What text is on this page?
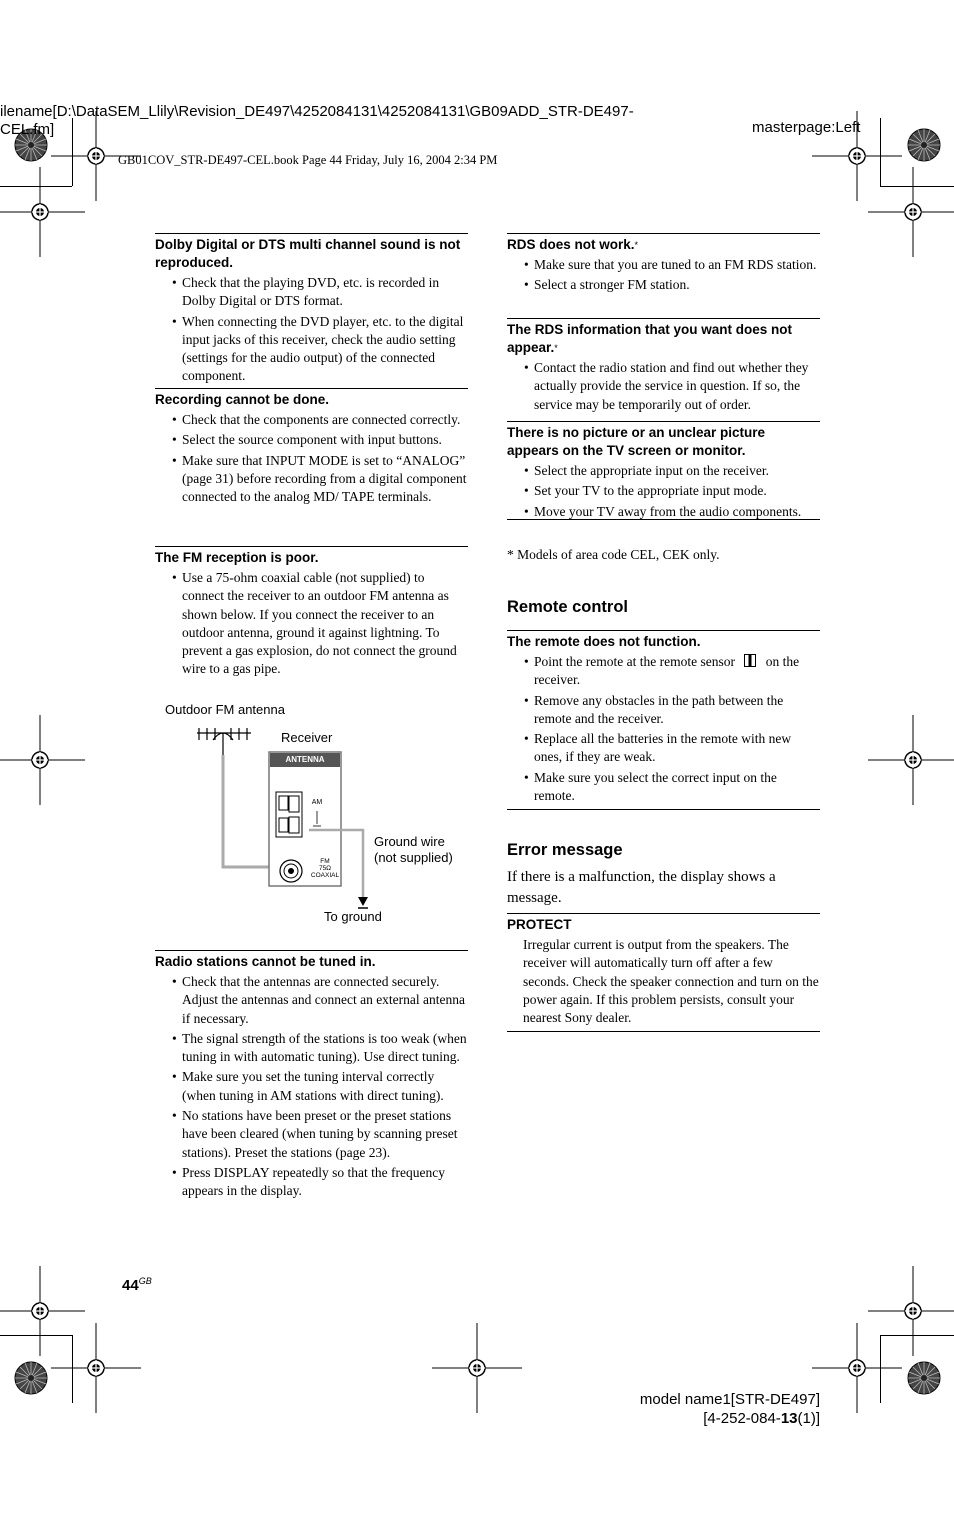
ilename[D:\DataSEM_Llily\Revision_DE497\4252084131\4252084131\GB09ADD_STR-DE497-CEL.fm]	masterpage:Left
GB01COV_STR-DE497-CEL.book Page 44 Friday, July 16, 2004 2:34 PM
Dolby Digital or DTS multi channel sound is not reproduced.
• Check that the playing DVD, etc. is recorded in Dolby Digital or DTS format.
• When connecting the DVD player, etc. to the digital input jacks of this receiver, check the audio setting (settings for the audio output) of the connected component.
Recording cannot be done.
• Check that the components are connected correctly.
• Select the source component with input buttons.
• Make sure that INPUT MODE is set to “ANALOG” (page 31) before recording from a digital component connected to the analog MD/ TAPE terminals.
The FM reception is poor.
• Use a 75-ohm coaxial cable (not supplied) to connect the receiver to an outdoor FM antenna as shown below. If you connect the receiver to an outdoor antenna, ground it against lightning. To prevent a gas explosion, do not connect the ground wire to a gas pipe.
Outdoor FM antenna
Receiver
ANTENNA
AM
FM
75Ω
COAXIAL
Ground wire
(not supplied)
To ground
Radio stations cannot be tuned in.
• Check that the antennas are connected securely. Adjust the antennas and connect an external antenna if necessary.
• The signal strength of the stations is too weak (when tuning in with automatic tuning). Use direct tuning.
• Make sure you set the tuning interval correctly (when tuning in AM stations with direct tuning).
• No stations have been preset or the preset stations have been cleared (when tuning by scanning preset stations). Preset the stations (page 23).
• Press DISPLAY repeatedly so that the frequency appears in the display.
RDS does not work.*
• Make sure that you are tuned to an FM RDS station.
• Select a stronger FM station.
The RDS information that you want does not appear.*
• Contact the radio station and find out whether they actually provide the service in question. If so, the service may be temporarily out of order.
There is no picture or an unclear picture appears on the TV screen or monitor.
• Select the appropriate input on the receiver.
• Set your TV to the appropriate input mode.
• Move your TV away from the audio components.
* Models of area code CEL, CEK only.
Remote control
The remote does not function.
• Point the remote at the remote sensor on the receiver.
• Remove any obstacles in the path between the remote and the receiver.
• Replace all the batteries in the remote with new ones, if they are weak.
• Make sure you select the correct input on the remote.
Error message
If there is a malfunction, the display shows a message.
PROTECT
Irregular current is output from the speakers. The receiver will automatically turn off after a few seconds. Check the speaker connection and turn on the power again. If this problem persists, consult your nearest Sony dealer.
$44^{GB}$
model name1[STR-DE497]
[4-252-084-13(1)]
